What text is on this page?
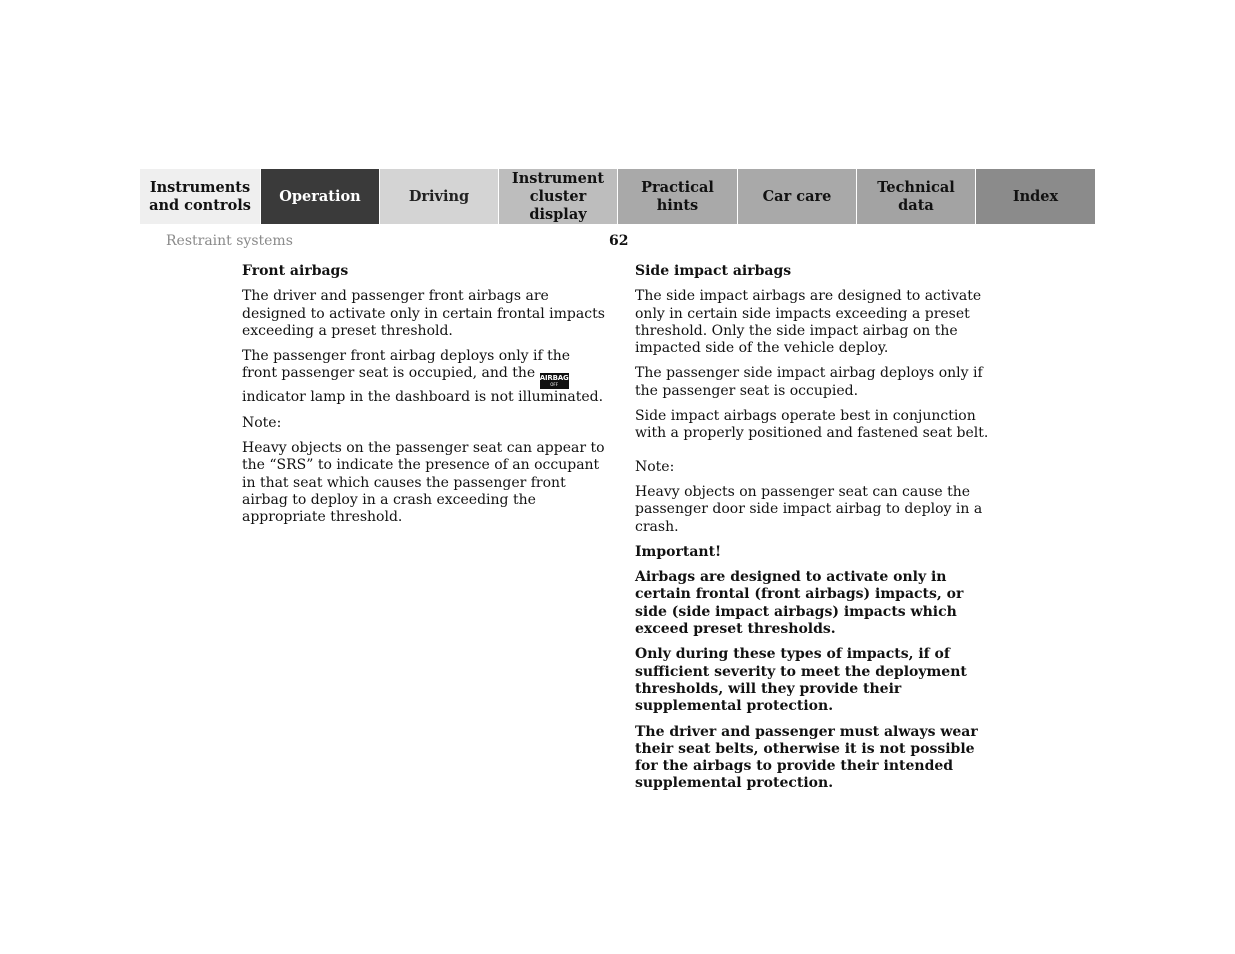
Instruments
and controls
Operation	Driving
Instrument
cluster display
Practical hints
Car care
Technical
data
Index
Restraint systems	62
Front airbags

The driver and passenger front airbags are designed to activate only in certain frontal impacts exceeding a preset threshold.

The passenger front airbag deploys only if the front passenger seat is occupied, and the AIRBAG
OFF
indicator lamp in the dashboard is not illuminated.

Note:

Heavy objects on the passenger seat can appear to the “SRS” to indicate the presence of an occupant in that seat which causes the passenger front airbag to deploy in a crash exceeding the appropriate threshold.

Side impact airbags

The side impact airbags are designed to activate only in certain side impacts exceeding a preset threshold. Only the side impact airbag on the impacted side of the vehicle deploy.

The passenger side impact airbag deploys only if the passenger seat is occupied.

Side impact airbags operate best in conjunction with a properly positioned and fastened seat belt.

Note:

Heavy objects on passenger seat can cause the passenger door side impact airbag to deploy in a crash.

Important!

Airbags are designed to activate only in certain frontal (front airbags) impacts, or side (side impact airbags) impacts which exceed preset thresholds.

Only during these types of impacts, if of sufficient severity to meet the deployment thresholds, will they provide their supplemental protection.

The driver and passenger must always wear their seat belts, otherwise it is not possible for the airbags to provide their intended supplemental protection.
